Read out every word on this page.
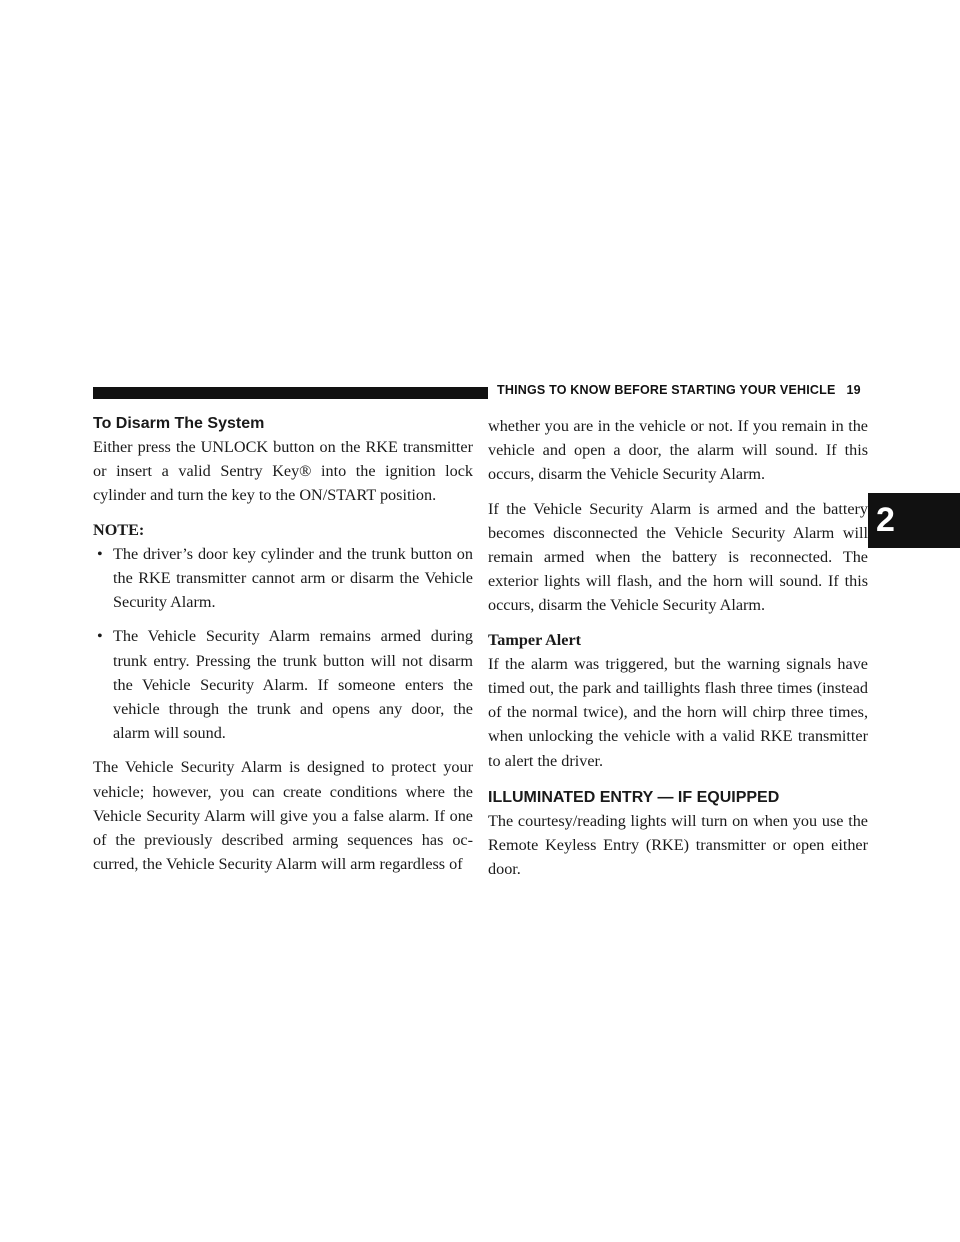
THINGS TO KNOW BEFORE STARTING YOUR VEHICLE 19
2
To Disarm The System

Either press the UNLOCK button on the RKE transmitter or insert a valid Sentry Key® into the ignition lock cylinder and turn the key to the ON/START position.

NOTE:

• The driver’s door key cylinder and the trunk button on the RKE transmitter cannot arm or disarm the Vehicle Security Alarm.
• The Vehicle Security Alarm remains armed during trunk entry. Pressing the trunk button will not disarm the Vehicle Security Alarm. If someone enters the vehicle through the trunk and opens any door, the alarm will sound.

The Vehicle Security Alarm is designed to protect your vehicle; however, you can create conditions where the Vehicle Security Alarm will give you a false alarm. If one of the previously described arming sequences has oc-curred, the Vehicle Security Alarm will arm regardless of

whether you are in the vehicle or not. If you remain in the vehicle and open a door, the alarm will sound. If this occurs, disarm the Vehicle Security Alarm.

If the Vehicle Security Alarm is armed and the battery becomes disconnected the Vehicle Security Alarm will remain armed when the battery is reconnected. The exterior lights will flash, and the horn will sound. If this occurs, disarm the Vehicle Security Alarm.

Tamper Alert

If the alarm was triggered, but the warning signals have timed out, the park and taillights flash three times (instead of the normal twice), and the horn will chirp three times, when unlocking the vehicle with a valid RKE transmitter to alert the driver.

ILLUMINATED ENTRY — IF EQUIPPED

The courtesy/reading lights will turn on when you use the Remote Keyless Entry (RKE) transmitter or open either door.
